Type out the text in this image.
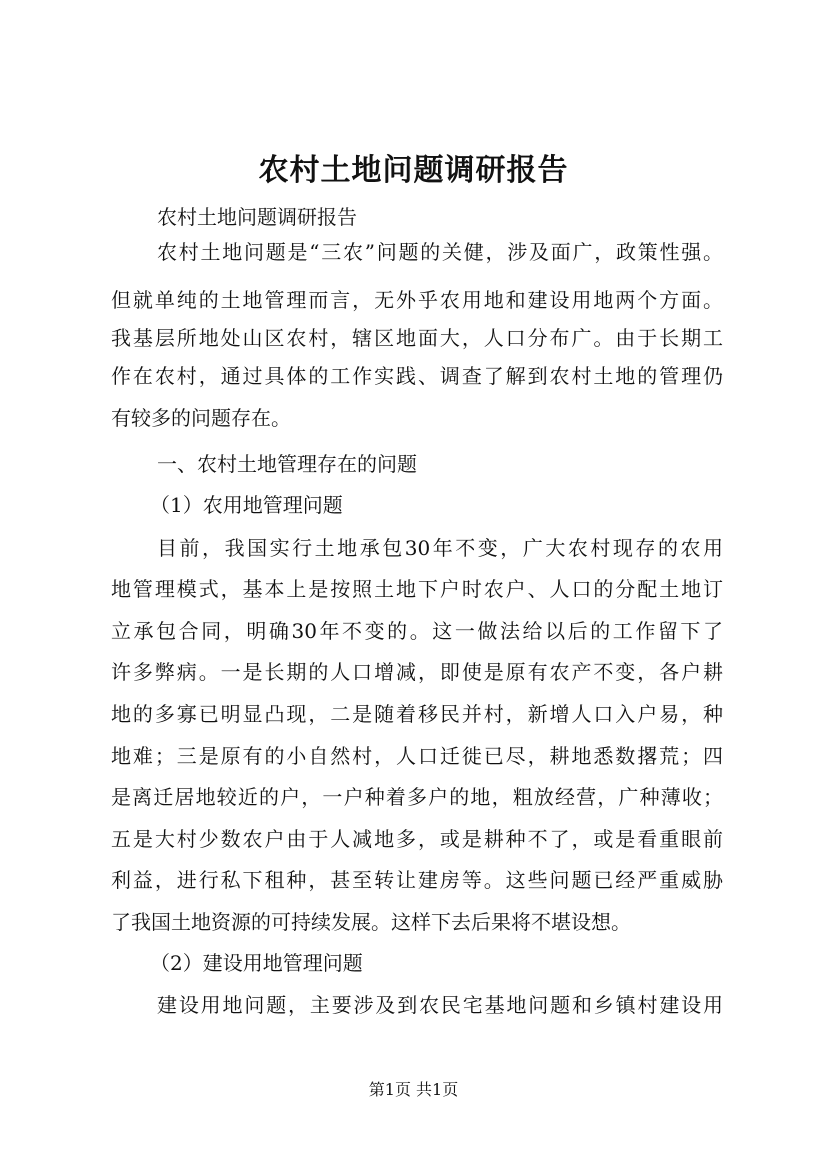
农村土地问题调研报告
农村土地问题调研报告
农村土地问题是“三农”问题的关健，涉及面广，政策性强。
但就单纯的土地管理而言，无外乎农用地和建设用地两个方面。
我基层所地处山区农村，辖区地面大，人口分布广。由于长期工
作在农村，通过具体的工作实践、调查了解到农村土地的管理仍
有较多的问题存在。
一、农村土地管理存在的问题
（1）农用地管理问题
目前，我国实行土地承包30年不变，广大农村现存的农用
地管理模式，基本上是按照土地下户时农户、人口的分配土地订
立承包合同，明确30年不变的。这一做法给以后的工作留下了
许多弊病。一是长期的人口增减，即使是原有农产不变，各户耕
地的多寡已明显凸现，二是随着移民并村，新增人口入户易，种
地难；三是原有的小自然村，人口迁徙已尽，耕地悉数撂荒；四
是离迁居地较近的户，一户种着多户的地，粗放经营，广种薄收；
五是大村少数农户由于人减地多，或是耕种不了，或是看重眼前
利益，进行私下租种，甚至转让建房等。这些问题已经严重威胁
了我国土地资源的可持续发展。这样下去后果将不堪设想。
（2）建设用地管理问题
建设用地问题，主要涉及到农民宅基地问题和乡镇村建设用
第1页 共1页
